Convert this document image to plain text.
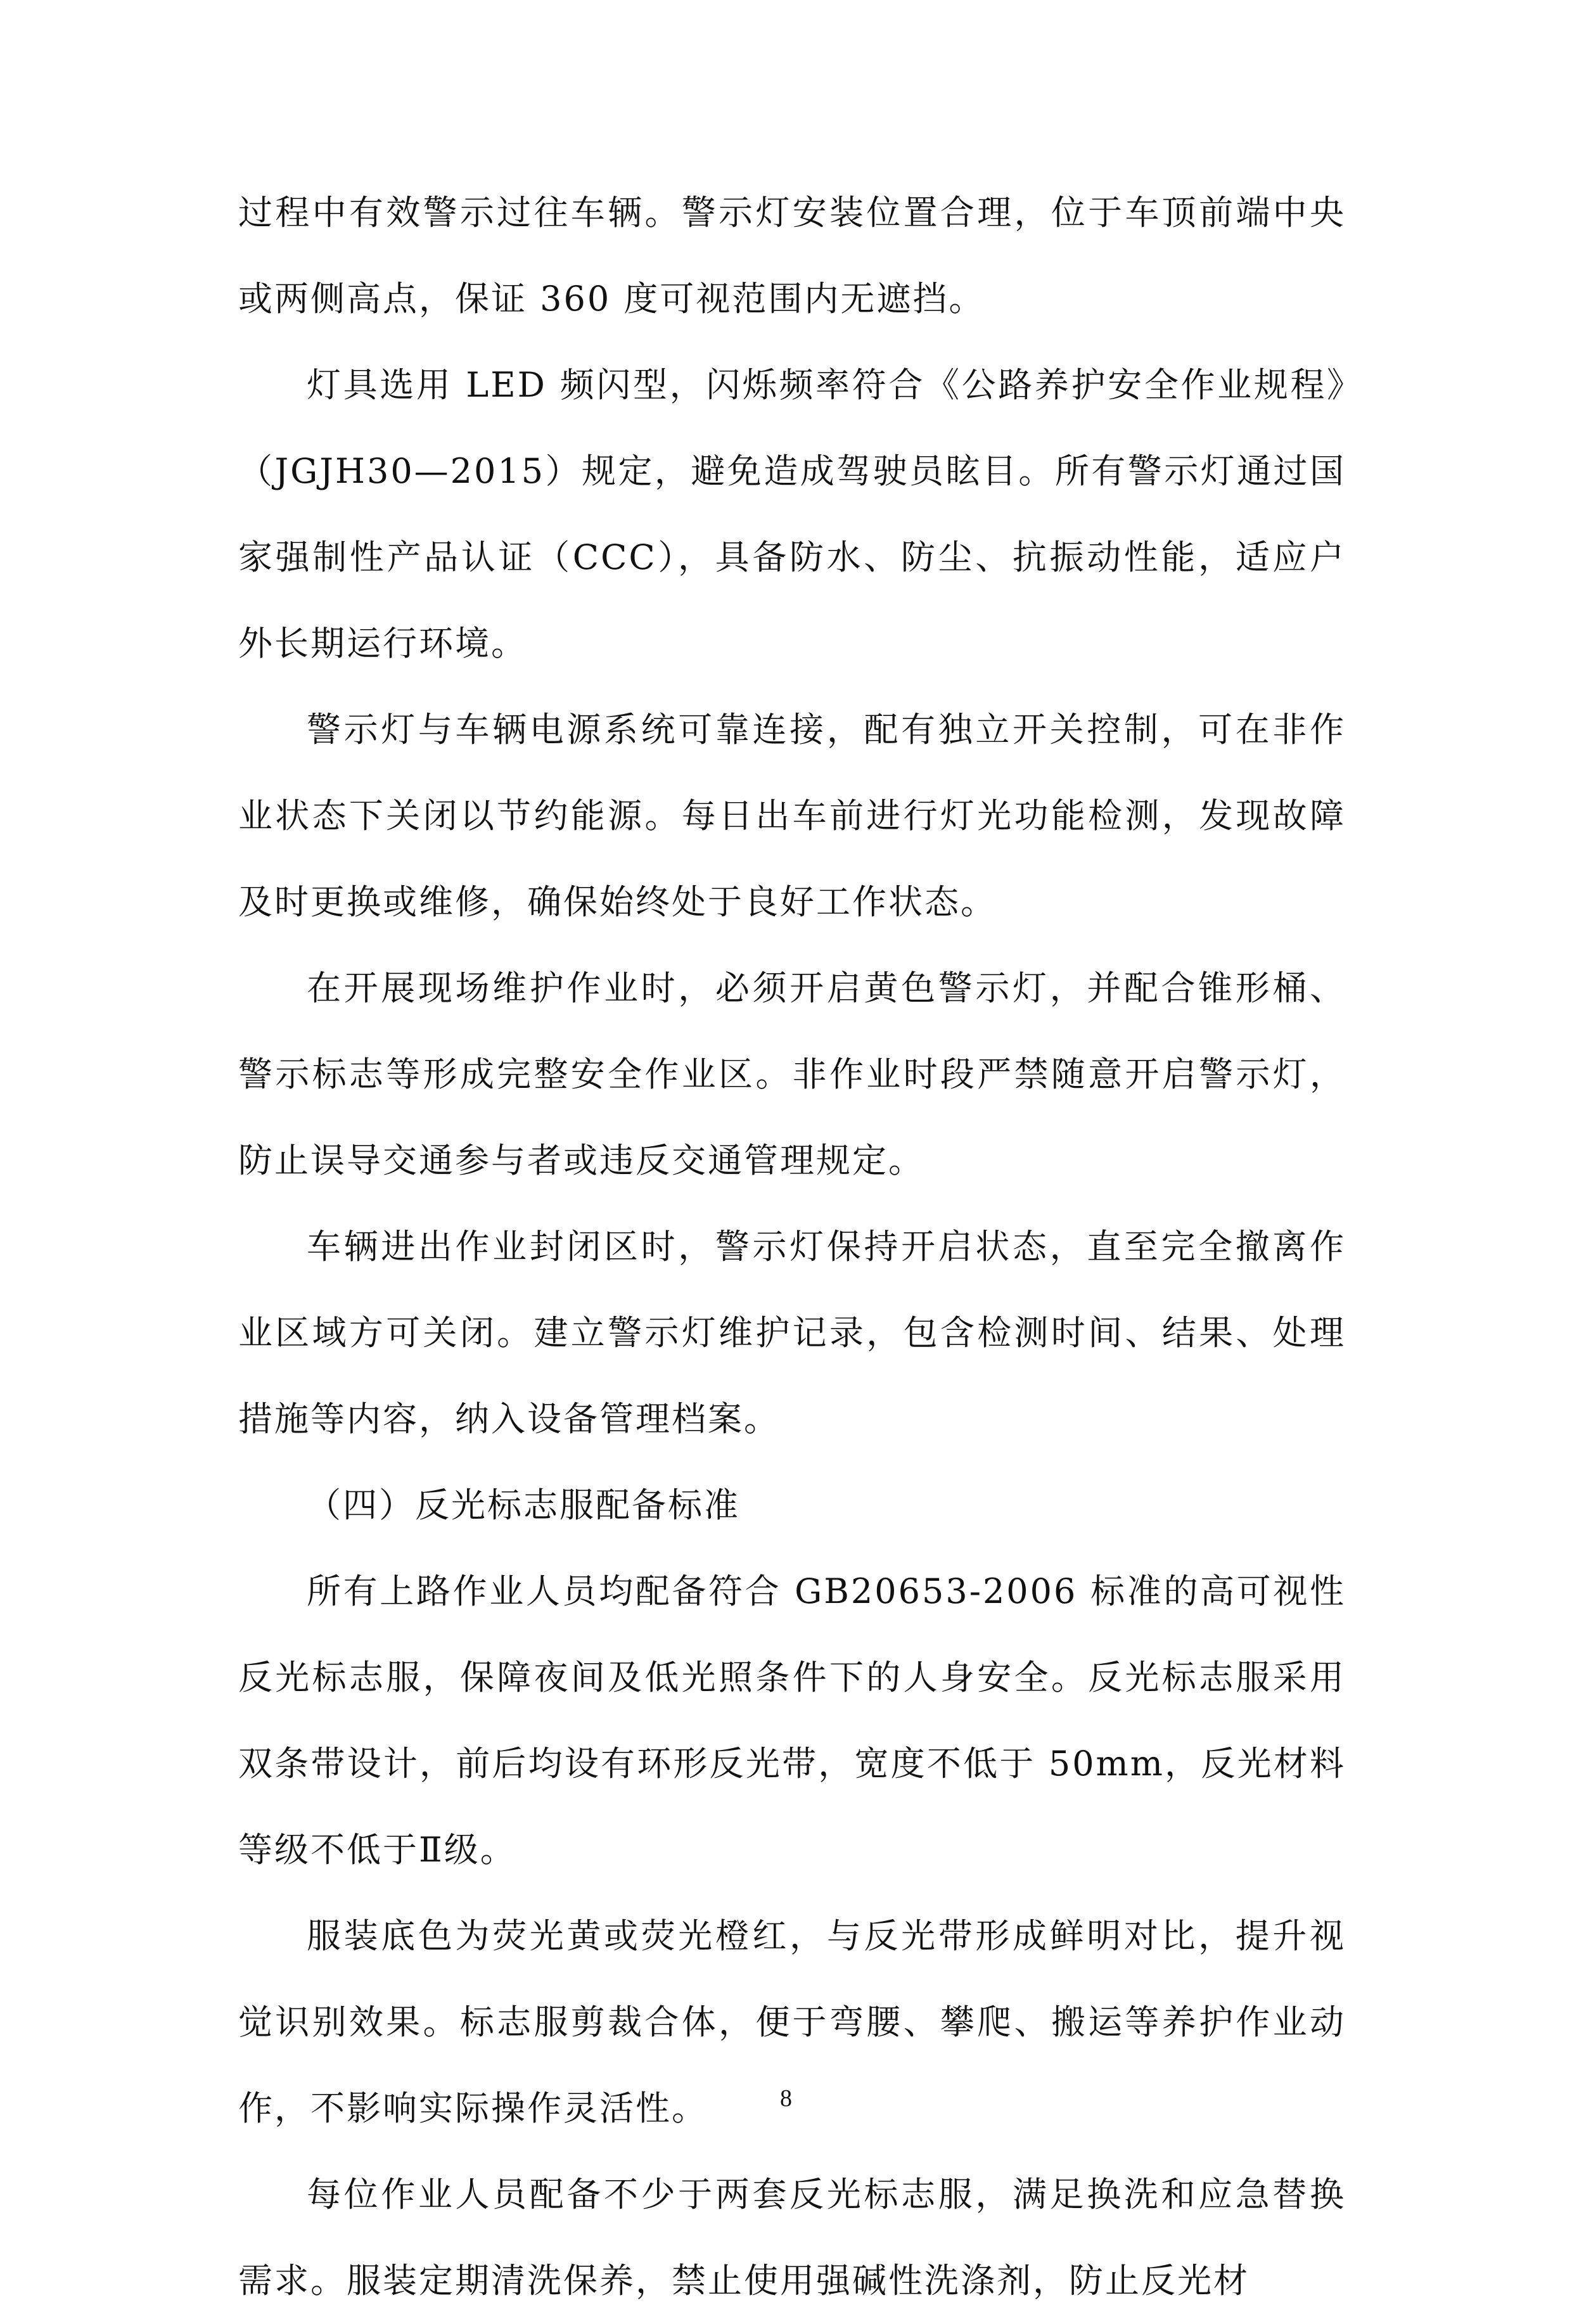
过程中有效警示过往车辆。警示灯安装位置合理，位于车顶前端中央或两侧高点，保证 360 度可视范围内无遮挡。

灯具选用 LED 频闪型，闪烁频率符合《公路养护安全作业规程》（JGJH30—2015）规定，避免造成驾驶员眩目。所有警示灯通过国家强制性产品认证（CCC），具备防水、防尘、抗振动性能，适应户外长期运行环境。

警示灯与车辆电源系统可靠连接，配有独立开关控制，可在非作业状态下关闭以节约能源。每日出车前进行灯光功能检测，发现故障及时更换或维修，确保始终处于良好工作状态。

在开展现场维护作业时，必须开启黄色警示灯，并配合锥形桶、警示标志等形成完整安全作业区。非作业时段严禁随意开启警示灯，防止误导交通参与者或违反交通管理规定。

车辆进出作业封闭区时，警示灯保持开启状态，直至完全撤离作业区域方可关闭。建立警示灯维护记录，包含检测时间、结果、处理措施等内容，纳入设备管理档案。

（四）反光标志服配备标准

所有上路作业人员均配备符合 GB20653-2006 标准的高可视性反光标志服，保障夜间及低光照条件下的人身安全。反光标志服采用双条带设计，前后均设有环形反光带，宽度不低于 50mm，反光材料等级不低于Ⅱ级。

服装底色为荧光黄或荧光橙红，与反光带形成鲜明对比，提升视觉识别效果。标志服剪裁合体，便于弯腰、攀爬、搬运等养护作业动作，不影响实际操作灵活性。

每位作业人员配备不少于两套反光标志服，满足换洗和应急替换需求。服装定期清洗保养，禁止使用强碱性洗涤剂，防止反光材

8
